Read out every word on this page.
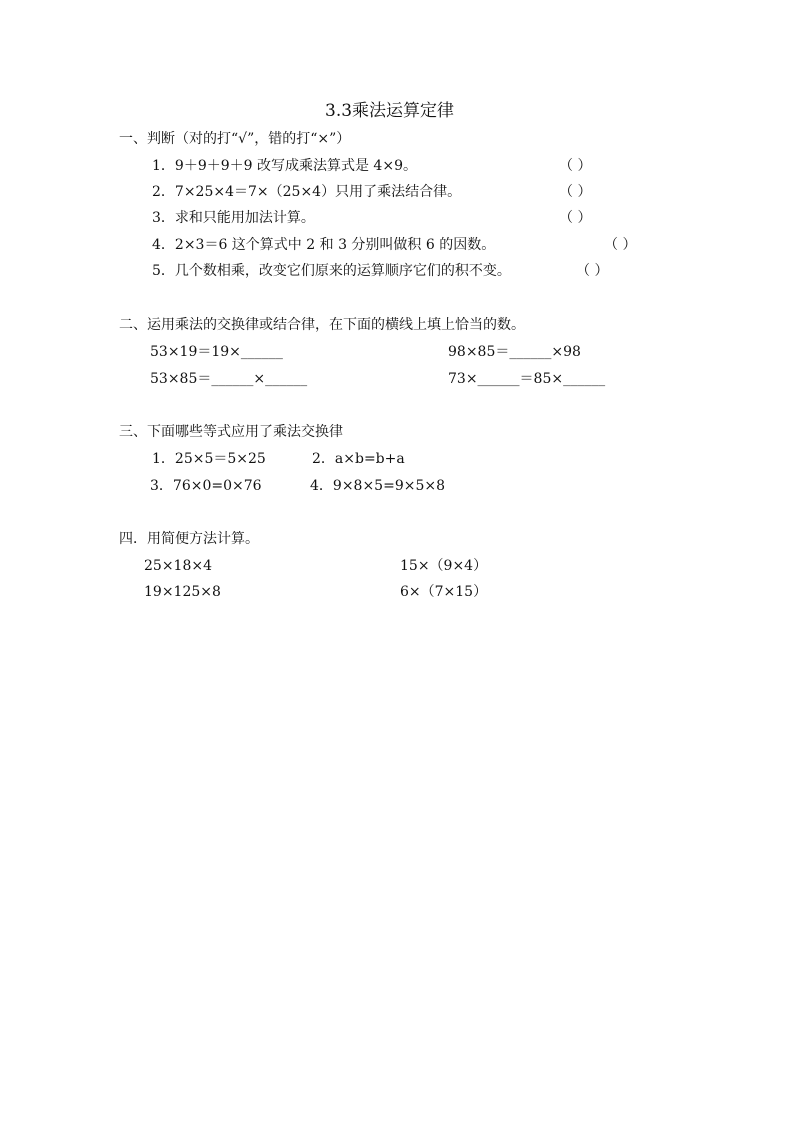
3.3乘法运算定律
一、判断（对的打“√”，错的打“×”）
1．9＋9＋9＋9 改写成乘法算式是 4×9。	（ ）
2．7×25×4＝7×（25×4）只用了乘法结合律。	（ ）
3．求和只能用加法计算。	（ ）
4．2×3＝6 这个算式中 2 和 3 分别叫做积 6 的因数。	（ ）
5．几个数相乘，改变它们原来的运算顺序它们的积不变。	（ ）
二、运用乘法的交换律或结合律，在下面的横线上填上恰当的数。
53×19＝19×______	98×85＝______×98
53×85＝______×______	73×______＝85×______
三、下面哪些等式应用了乘法交换律
1．25×5＝5×25	2．a×b=b+a
3．76×0=0×76	4．9×8×5=9×5×8
四．用简便方法计算。
25×18×4	15×（9×4）
19×125×8	6×（7×15）
